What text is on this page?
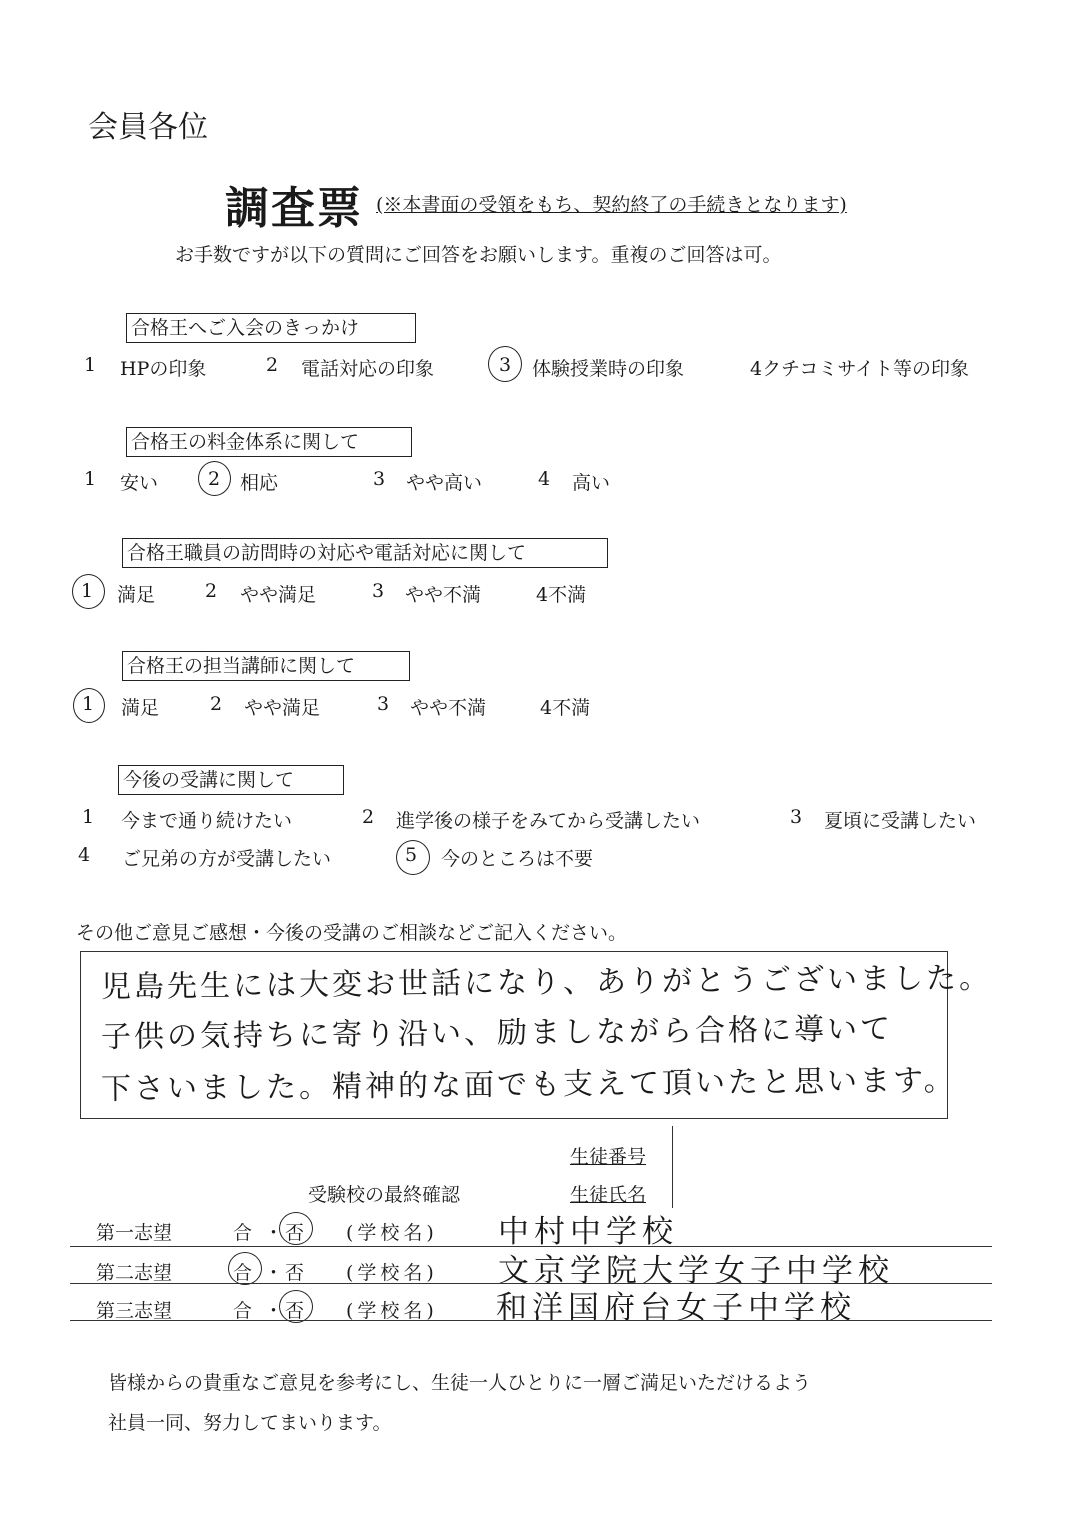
会員各位
調査票 (※本書面の受領をもち、契約終了の手続きとなります)
お手数ですが以下の質問にご回答をお願いします。重複のご回答は可。
合格王へご入会のきっかけ
1 HPの印象	2 電話対応の印象	3 体験授業時の印象	4クチコミサイト等の印象
合格王の料金体系に関して
1 安い	2 相応	3 やや高い	4 高い
合格王職員の訪問時の対応や電話対応に関して
1 満足	2 やや満足	3 やや不満	4不満
合格王の担当講師に関して
1 満足	2 やや満足	3 やや不満	4不満
今後の受講に関して
1 今まで通り続けたい	2 進学後の様子をみてから受講したい	3 夏頃に受講したい
4 ご兄弟の方が受講したい	5 今のところは不要
その他ご意見ご感想・今後の受講のご相談などご記入ください。
児島先生には大変お世話になり、ありがとうございました。
子供の気持ちに寄り沿い、励ましながら合格に導いて
下さいました。精神的な面でも支えて頂いたと思います。
生徒番号
生徒氏名
受験校の最終確認
第一志望	合 ・ 否 (学校名) 中村中学校
第二志望	合 ・ 否 (学校名) 文京学院大学女子中学校
第三志望	合 ・ 否 (学校名) 和洋国府台女子中学校
皆様からの貴重なご意見を参考にし、生徒一人ひとりに一層ご満足いただけるよう
社員一同、努力してまいります。
